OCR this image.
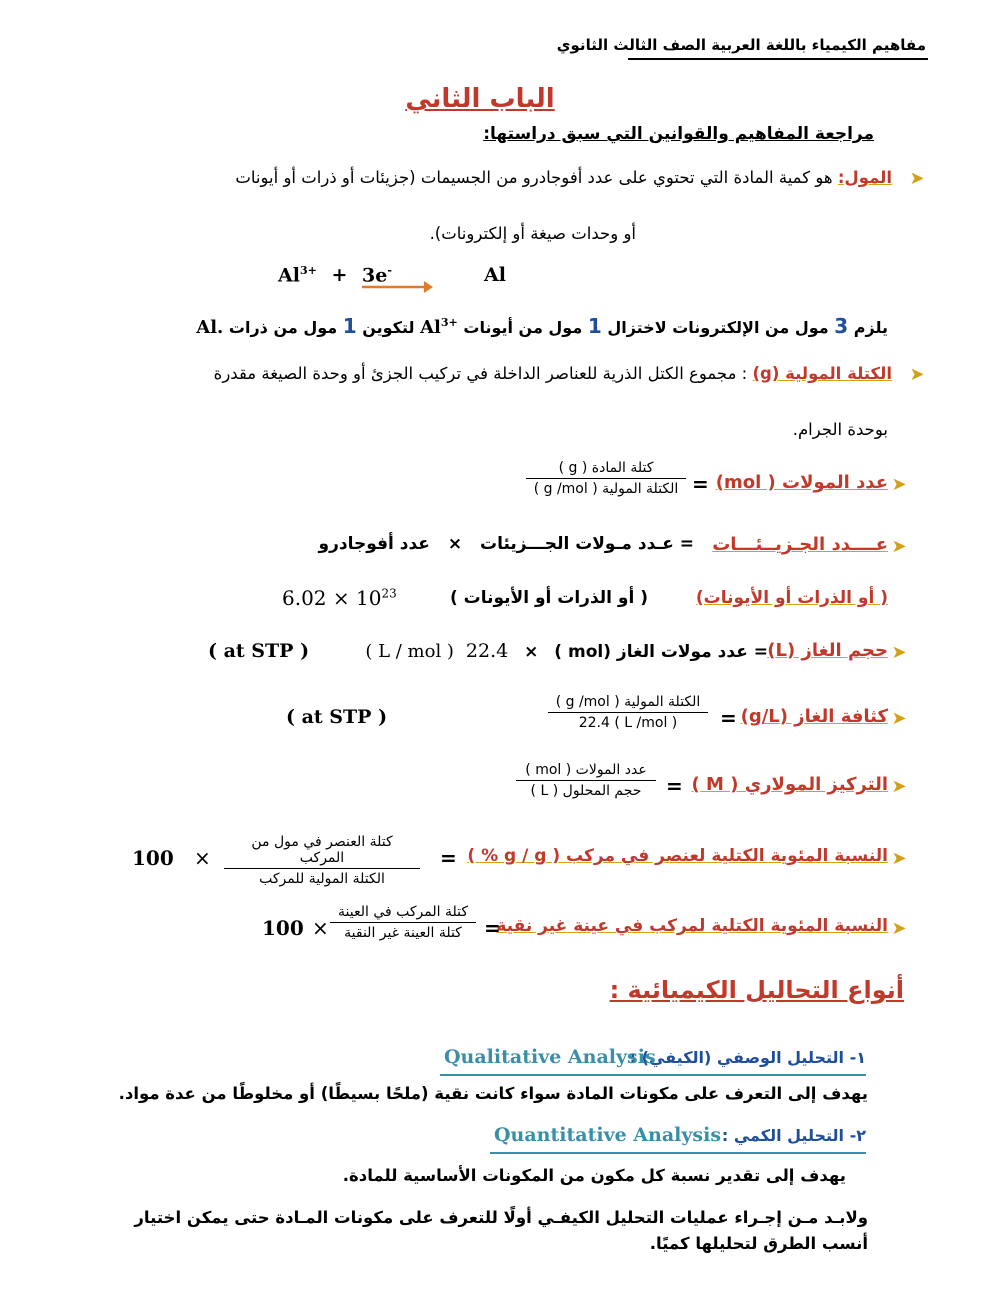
مفاهيم الكيمياء باللغة العربية الصف الثالث الثانوي
الباب الثاني
مراجعة المفاهيم والقوانين التي سبق دراستها:
➤
المول: هو كمية المادة التي تحتوي على عدد أفوجادرو من الجسيمات (جزيئات أو ذرات أو أيونات
أو وحدات صيغة أو إلكترونات).
$Al^{3+} + 3e^-$	Al
يلزم 3 مول من الإلكترونات لاختزال 1 مول من أيونات $Al^{3+}$ لتكوين 1 مول من ذرات Al.
➤
الكتلة المولية (g) : مجموع الكتل الذرية للعناصر الداخلة في تركيب الجزئ أو وحدة الصيغة مقدرة
بوحدة الجرام.
➤
عدد المولات ( mol)
=
كتلة المادة ( g )
الكتلة المولية ( g /mol )
➤
عــــدد الجـزيــئـــات
= عـدد مـولات الجـــزيئات × عدد أفوجادرو
( أو الذرات أو الأيونات)
( أو الذرات أو الأيونات )
$6.02 \times 10^{23}$
➤
حجم الغاز (L)
= عدد مولات الغاز (mol ) × 22.4 ( L / mol )
( at STP )
➤
كثافة الغاز (g/L)
=
الكتلة المولية ( g /mol )
( L /mol ) 22.4
( at STP )
➤
التركيز المولاري ( M )
=
عدد المولات ( mol )
حجم المحلول ( L )
➤
النسبة المئوية الكتلية لعنصر في مركب ( g / g % )
=
كتلة العنصر في مول من المركب
الكتلة المولية للمركب
×
100
➤
النسبة المئوية الكتلية لمركب في عينة غير نقية
=
كتلة المركب في العينة
كتلة العينة غير النقية
×
100
أنواع التحاليل الكيميائية :
١- التحليل الوصفي (الكيفي) :
Qualitative Analysis
يهدف إلى التعرف على مكونات المادة سواء كانت نقية (ملحًا بسيطًا) أو مخلوطًا من عدة مواد.
٢- التحليل الكمي :
Quantitative Analysis
يهدف إلى تقدير نسبة كل مكون من المكونات الأساسية للمادة.
ولابـد مـن إجـراء عمليات التحليل الكيفـي أولًا للتعرف على مكونات المـادة حتى يمكن اختيار
أنسب الطرق لتحليلها كميًا.
